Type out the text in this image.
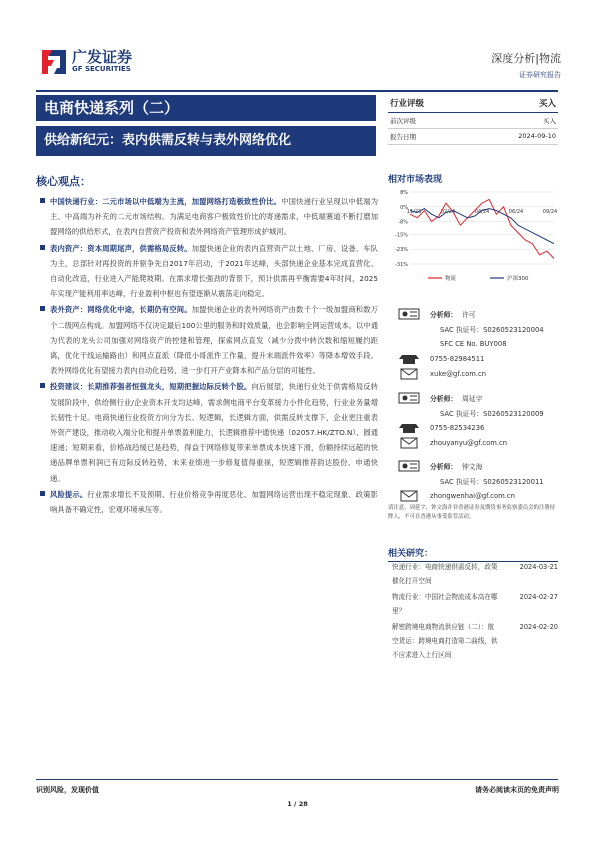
广发证券
GF SECURITIES
深度分析|物流
证券研究报告
电商快递系列（二）
供给新纪元：表内供需反转与表外网络优化
行业评级	买入
前次评级	买入
报告日期	2024-09-10
核心观点：
中国快递行业：二元市场以中低端为主流，加盟网络打造极致性价比。中国快递行业呈现以中低端为主、中高端为补充的二元市场结构。为满足电商客户极致性价比的寄递需求，中低端赛道不断打磨加盟网络的供给形式，在表内自营资产投资和表外网络资产管理形成护城河。
表内资产：资本周期尾声，供需格局反转。加盟快递企业的表内直营资产以土地、厂房、设备、车队为主，总部针对再投资的并驱争先自2017年启动，于2021年达峰，头部快递企业基本完成直营化、自动化改造，行业进入产能爬坡期。在需求增长强劲的背景下，预计供需再平衡需要4年时间，2025年实现产能利用率达峰，行业盈利中枢也有望逐渐从震荡走向稳定。
表外资产：网络优化中途，长期仍有空间。加盟快递企业的表外网络资产由数千个一级加盟商和数万个二级网点构成。加盟网络不仅决定最后100公里的服务和时效质量，也会影响全网运营成本。以中通为代表的龙头公司加强对网络资产的控建和管理，探索网点直发（减少分拨中转次数和缩短履约距离，优化干线运输路由）和网点直派（降低小哥派件工作量，提升末端派件效率）等降本增效手段。表外网络优化有望接力表内自动化趋势，进一步打开产业降本和产品分层的可能性。
投资建议：长期推荐强者恒强龙头，短期把握边际反转个股。向后展望，快递行业处于供需格局反转发展阶段中，供给侧行业/企业资本开支均达峰，需求侧电商平台变革接力小件化趋势，行业业务量增长韧性十足。电商快递行业投资方向分为长、短逻辑，长逻辑方面，供需反转支撑下，企业更注重表外资产建设，推动收入端分化和提升单票盈利能力，长逻辑推荐中通快递（02057.HK/ZTO.N）、圆通速递；短期来看，价格战趋缓已是趋势，得益于网络修复带来单票成本快速下滑，份额持续远超的快递品牌单票利润已有边际反转趋势，未来业绩进一步修复值得重视，短逻辑推荐韵达股份、申通快递。
风险提示。行业需求增长不及预期、行业价格竞争再度恶化、加盟网络运营出现不稳定现象、政策影响具备不确定性，宏观环境承压等。
相对市场表现
8%
0%
-8%
-15%
-23%
-31%
11/23	02/24	04/24	06/24	09/24
物流	沪深300
分析师： 许可
SAC 执证号：S0260523120004
SFC CE No. BUY008
0755-82984511
xuke@gf.com.cn
分析师： 周延宇
SAC 执证号：S0260523120009
0755-82534236
zhouyanyu@gf.com.cn
分析师： 钟文海
SAC 执证号：S0260523120011
zhongwenhai@gf.com.cn
请注意，周延宇，钟文海并非香港证券及期货事务监察委员会的注册持牌人，不可在香港从事受监管活动。
相关研究：
快递行业：电商快递供需反转，政策催化打开空间
2024-03-21
物流行业：中国社会物流成本高在哪里？
2024-02-27
解密跨境电商物流供应链（二）：航空货运：跨境电商打造第二曲线，供不应求进入上行区间
2024-02-20
识别风险，发现价值	请务必阅读末页的免责声明
1 / 28
